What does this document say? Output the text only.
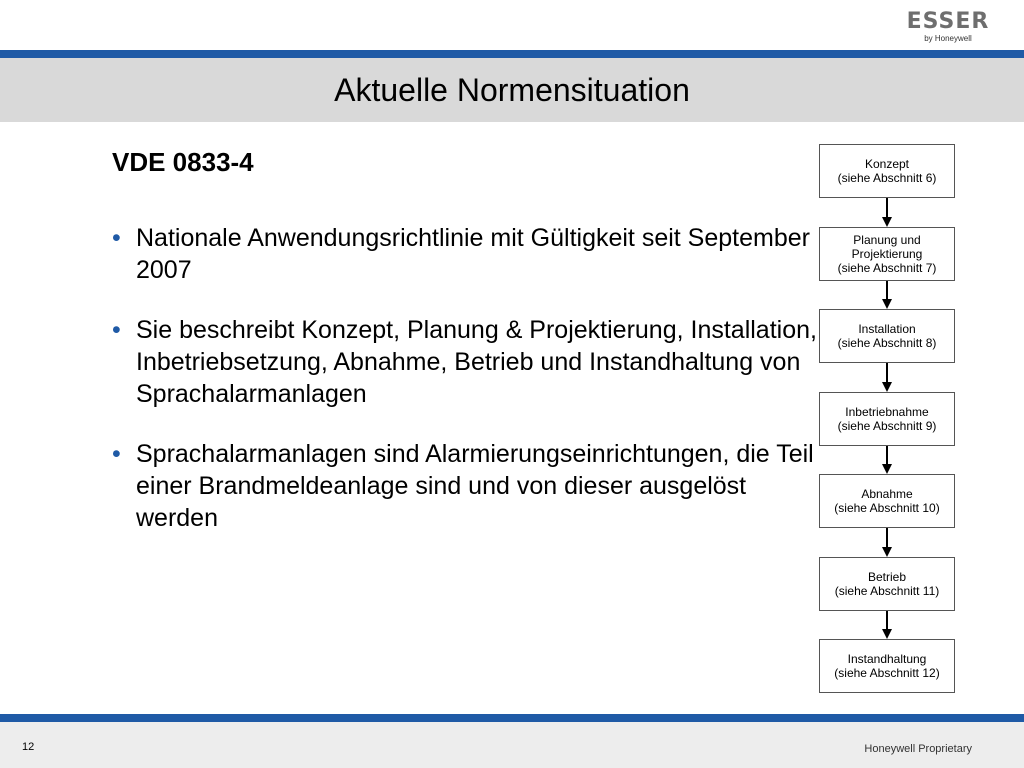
ESSER
by Honeywell
Aktuelle Normensituation
VDE 0833-4
• Nationale Anwendungsrichtlinie mit Gültigkeit seit September 2007
• Sie beschreibt Konzept, Planung & Projektierung, Installation, Inbetriebsetzung, Abnahme, Betrieb und Instandhaltung von Sprachalarmanlagen
• Sprachalarmanlagen sind Alarmierungseinrichtungen, die Teil einer Brandmeldeanlage sind und von dieser ausgelöst werden
Konzept
(siehe Abschnitt 6)
Planung und
Projektierung
(siehe Abschnitt 7)
Installation
(siehe Abschnitt 8)
Inbetriebnahme
(siehe Abschnitt 9)
Abnahme
(siehe Abschnitt 10)
Betrieb
(siehe Abschnitt 11)
Instandhaltung
(siehe Abschnitt 12)
12	Honeywell Proprietary
